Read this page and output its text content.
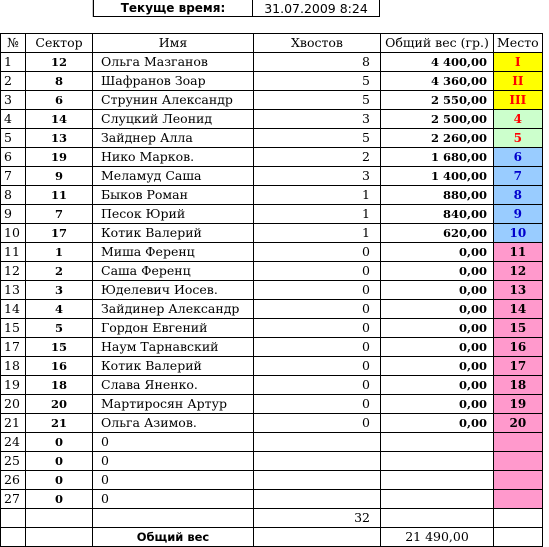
Текуще время:	31.07.2009 8:24
№	Сектор	Имя	Хвостов	Общий вес (гр.)	Место
1	12	Ольга Мазганов	8	4 400,00	I
2	8	Шафранов Зоар	5	4 360,00	II
3	6	Струнин Александр	5	2 550,00	III
4	14	Слуцкий Леонид	3	2 500,00	4
5	13	Зайднер Алла	5	2 260,00	5
6	19	Нико Марков.	2	1 680,00	6
7	9	Меламуд Саша	3	1 400,00	7
8	11	Быков Роман	1	880,00	8
9	7	Песок Юрий	1	840,00	9
10	17	Котик Валерий	1	620,00	10
11	1	Миша Ференц	0	0,00	11
12	2	Саша Ференц	0	0,00	12
13	3	Юделевич Иосев.	0	0,00	13
14	4	Зайдинер Александр	0	0,00	14
15	5	Гордон Евгений	0	0,00	15
17	15	Наум Тарнавский	0	0,00	16
18	16	Котик Валерий	0	0,00	17
19	18	Слава Яненко.	0	0,00	18
20	20	Мартиросян Артур	0	0,00	19
21	21	Ольга Азимов.	0	0,00	20
24	0	0			
25	0	0			
26	0	0			
27	0	0			
			32		
		Общий вес		21 490,00	
